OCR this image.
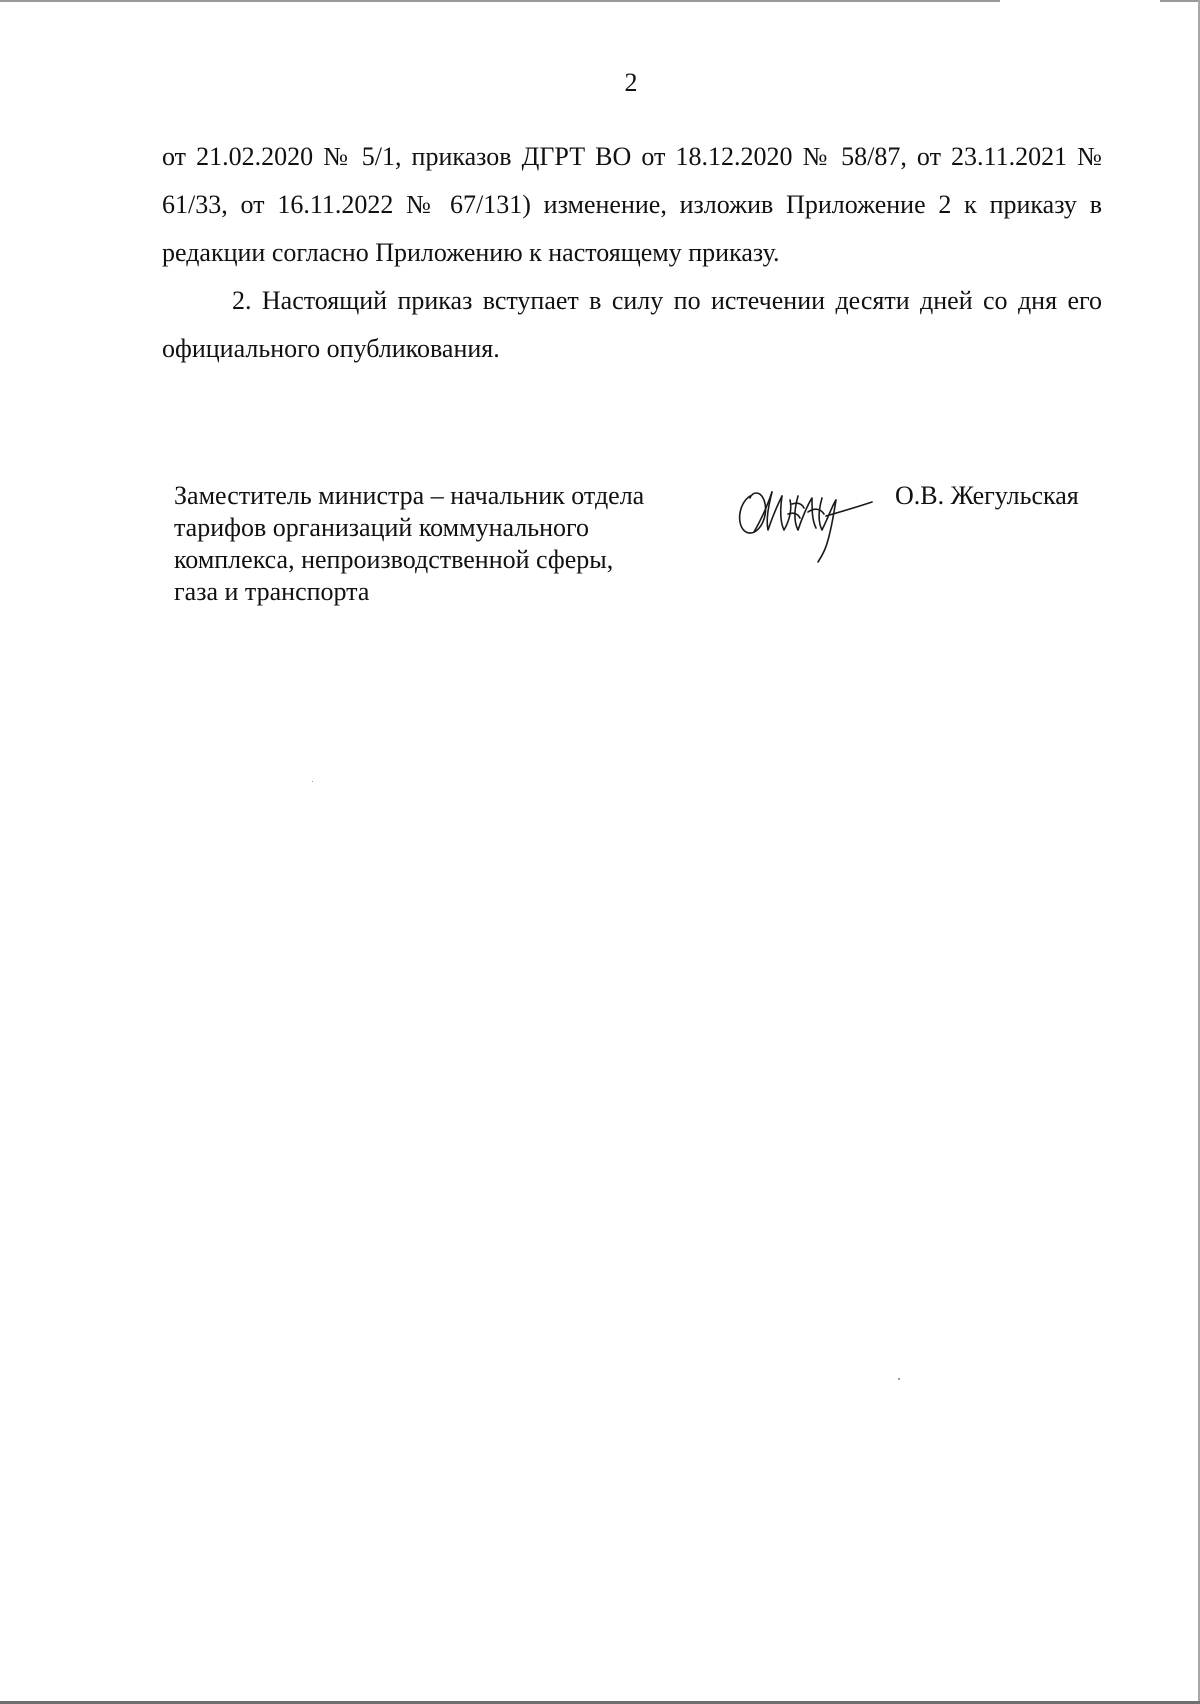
2

от 21.02.2020 № 5/1, приказов ДГРТ ВО от 18.12.2020 № 58/87, от 23.11.2021 № 61/33, от 16.11.2022 № 67/131) изменение, изложив Приложение 2 к приказу в редакции согласно Приложению к настоящему приказу.

2. Настоящий приказ вступает в силу по истечении десяти дней со дня его официального опубликования.

Заместитель министра – начальник отдела
тарифов организаций коммунального
комплекса, непроизводственной сферы,
газа и транспорта
О.В. Жегульская
